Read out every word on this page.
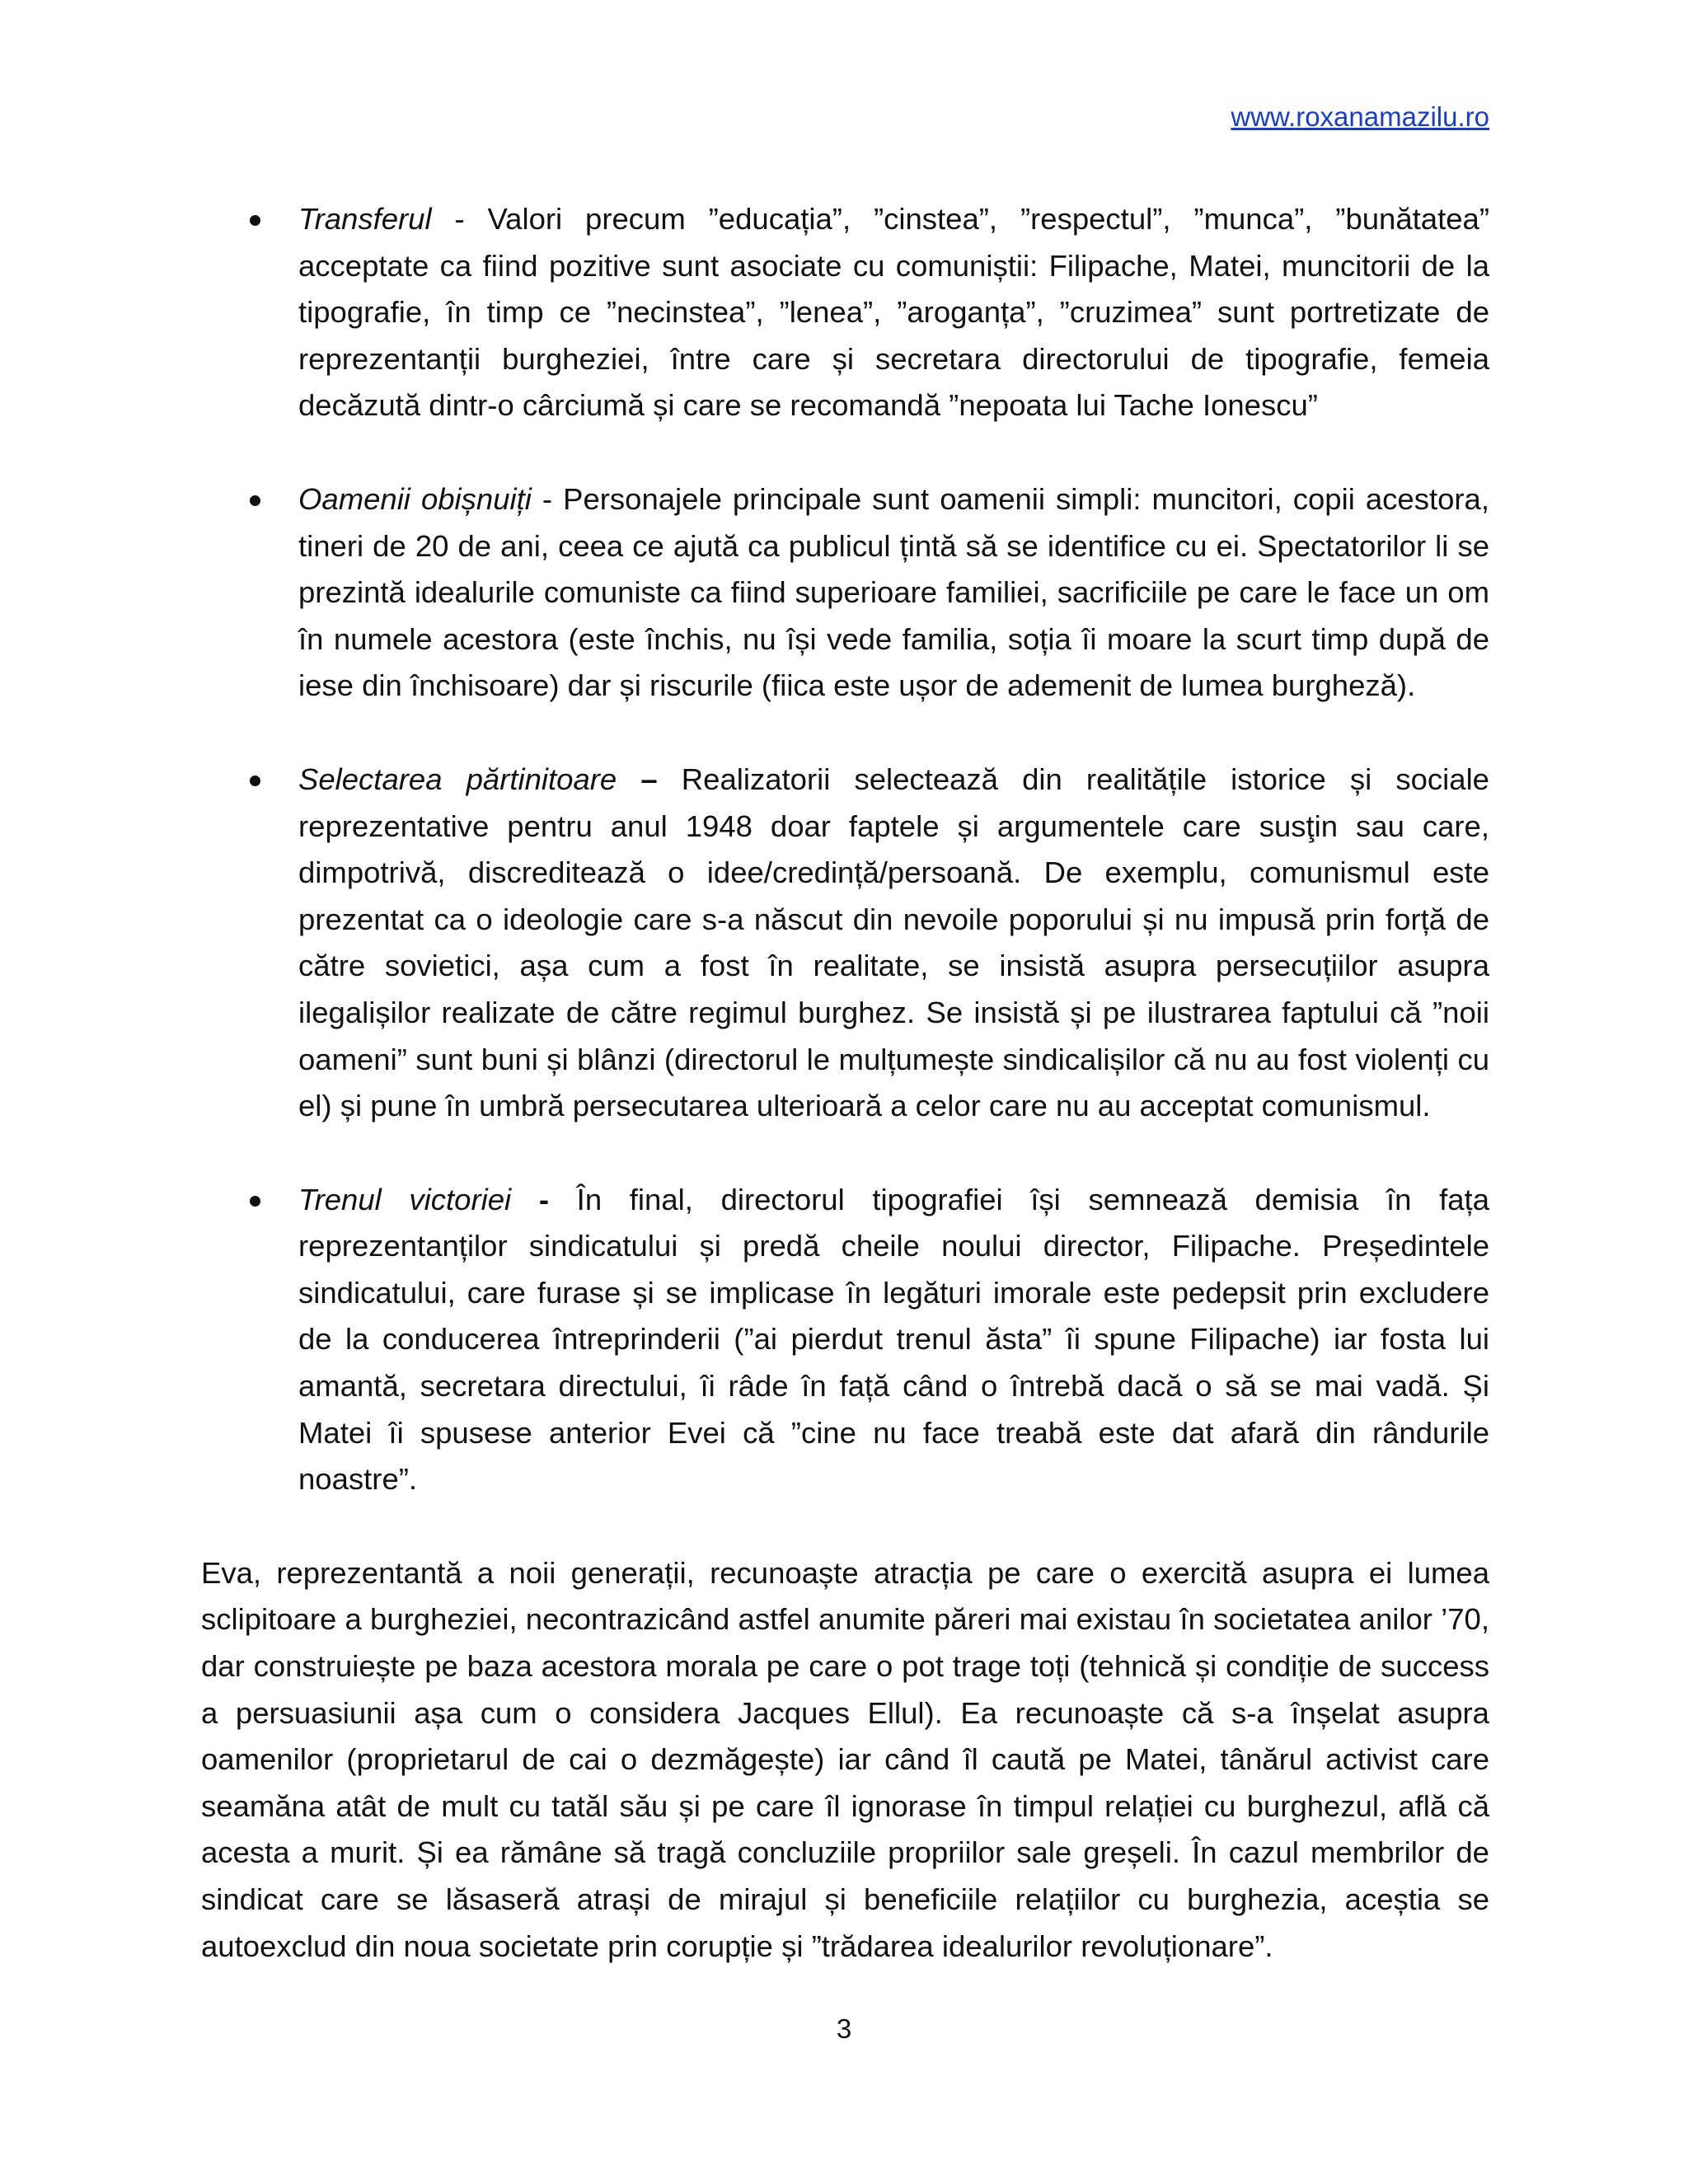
www.roxanamazilu.ro
Transferul - Valori precum ”educația”, ”cinstea”, ”respectul”, ”munca”, ”bunătatea” acceptate ca fiind pozitive sunt asociate cu comuniștii: Filipache, Matei, muncitorii de la tipografie, în timp ce ”necinstea”, ”lenea”, ”aroganța”, ”cruzimea” sunt portretizate de reprezentanții burgheziei, între care și secretara directorului de tipografie, femeia decăzută dintr-o cârciumă și care se recomandă ”nepoata lui Tache Ionescu”
Oamenii obișnuiți - Personajele principale sunt oamenii simpli: muncitori, copii acestora, tineri de 20 de ani, ceea ce ajută ca publicul țintă să se identifice cu ei. Spectatorilor li se prezintă idealurile comuniste ca fiind superioare familiei, sacrificiile pe care le face un om în numele acestora (este închis, nu își vede familia, soția îi moare la scurt timp după de iese din închisoare) dar și riscurile (fiica este ușor de ademenit de lumea burgheză).
Selectarea părtinitoare – Realizatorii selectează din realitățile istorice și sociale reprezentative pentru anul 1948 doar faptele și argumentele care susţin sau care, dimpotrivă, discreditează o idee/credință/persoană. De exemplu, comunismul este prezentat ca o ideologie care s-a născut din nevoile poporului și nu impusă prin forță de către sovietici, așa cum a fost în realitate, se insistă asupra persecuțiilor asupra ilegalișilor realizate de către regimul burghez. Se insistă și pe ilustrarea faptului că ”noii oameni” sunt buni și blânzi (directorul le mulțumește sindicalișilor că nu au fost violenți cu el) și pune în umbră persecutarea ulterioară a celor care nu au acceptat comunismul.
Trenul victoriei - În final, directorul tipografiei își semnează demisia în fața reprezentanților sindicatului și predă cheile noului director, Filipache. Președintele sindicatului, care furase și se implicase în legături imorale este pedepsit prin excludere de la conducerea întreprinderii (”ai pierdut trenul ăsta” îi spune Filipache) iar fosta lui amantă, secretara directului, îi râde în față când o întrebă dacă o să se mai vadă. Și Matei îi spusese anterior Evei că ”cine nu face treabă este dat afară din rândurile noastre”.

Eva, reprezentantă a noii generații, recunoaște atracția pe care o exercită asupra ei lumea sclipitoare a burgheziei, necontrazicând astfel anumite păreri mai existau în societatea anilor ’70, dar construiește pe baza acestora morala pe care o pot trage toți (tehnică și condiție de success a persuasiunii așa cum o considera Jacques Ellul). Ea recunoaște că s-a înșelat asupra oamenilor (proprietarul de cai o dezmăgește) iar când îl caută pe Matei, tânărul activist care seamăna atât de mult cu tatăl său și pe care îl ignorase în timpul relației cu burghezul, află că acesta a murit. Și ea rămâne să tragă concluziile propriilor sale greșeli. În cazul membrilor de sindicat care se lăsaseră atrași de mirajul și beneficiile relațiilor cu burghezia, aceștia se autoexclud din noua societate prin corupție și ”trădarea idealurilor revoluționare”.

3
